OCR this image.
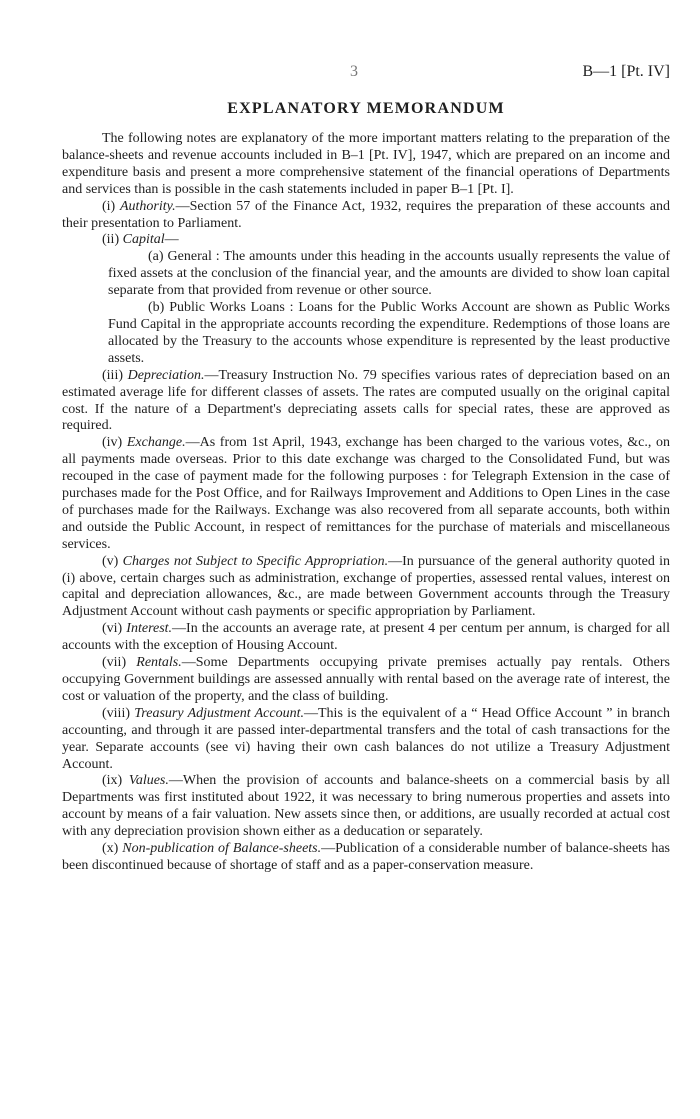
3	B—1 [Pt. IV]
EXPLANATORY MEMORANDUM

The following notes are explanatory of the more important matters relating to the preparation of the balance-sheets and revenue accounts included in B–1 [Pt. IV], 1947, which are prepared on an income and expenditure basis and present a more comprehensive statement of the financial operations of Departments and services than is possible in the cash statements included in paper B–1 [Pt. I].

(i) Authority.—Section 57 of the Finance Act, 1932, requires the preparation of these accounts and their presentation to Parliament.

(ii) Capital—

(a) General : The amounts under this heading in the accounts usually represents the value of fixed assets at the conclusion of the financial year, and the amounts are divided to show loan capital separate from that provided from revenue or other source.

(b) Public Works Loans : Loans for the Public Works Account are shown as Public Works Fund Capital in the appropriate accounts recording the expenditure. Redemptions of those loans are allocated by the Treasury to the accounts whose expenditure is represented by the least productive assets.

(iii) Depreciation.—Treasury Instruction No. 79 specifies various rates of depreciation based on an estimated average life for different classes of assets. The rates are computed usually on the original capital cost. If the nature of a Department's depreciating assets calls for special rates, these are approved as required.

(iv) Exchange.—As from 1st April, 1943, exchange has been charged to the various votes, &c., on all payments made overseas. Prior to this date exchange was charged to the Consolidated Fund, but was recouped in the case of payment made for the following purposes : for Telegraph Extension in the case of purchases made for the Post Office, and for Railways Improvement and Additions to Open Lines in the case of purchases made for the Railways. Exchange was also recovered from all separate accounts, both within and outside the Public Account, in respect of remittances for the purchase of materials and miscellaneous services.

(v) Charges not Subject to Specific Appropriation.—In pursuance of the general authority quoted in (i) above, certain charges such as administration, exchange of properties, assessed rental values, interest on capital and depreciation allowances, &c., are made between Government accounts through the Treasury Adjustment Account without cash payments or specific appropriation by Parliament.

(vi) Interest.—In the accounts an average rate, at present 4 per centum per annum, is charged for all accounts with the exception of Housing Account.

(vii) Rentals.—Some Departments occupying private premises actually pay rentals. Others occupying Government buildings are assessed annually with rental based on the average rate of interest, the cost or valuation of the property, and the class of building.

(viii) Treasury Adjustment Account.—This is the equivalent of a “ Head Office Account ” in branch accounting, and through it are passed inter-departmental transfers and the total of cash transactions for the year. Separate accounts (see vi) having their own cash balances do not utilize a Treasury Adjustment Account.

(ix) Values.—When the provision of accounts and balance-sheets on a commercial basis by all Departments was first instituted about 1922, it was necessary to bring numerous properties and assets into account by means of a fair valuation. New assets since then, or additions, are usually recorded at actual cost with any depreciation provision shown either as a deducation or separately.

(x) Non-publication of Balance-sheets.—Publication of a considerable number of balance-sheets has been discontinued because of shortage of staff and as a paper-conservation measure.
